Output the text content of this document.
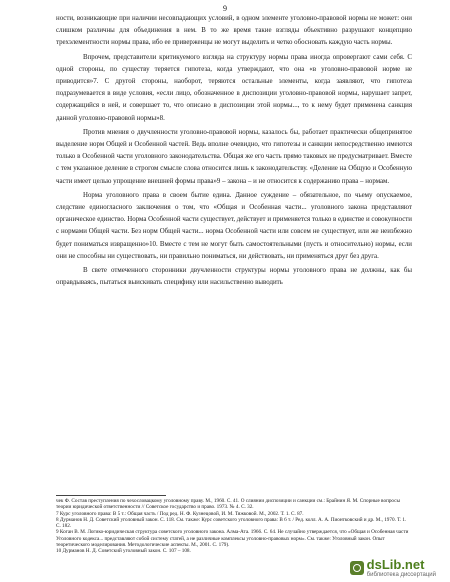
9

ности, возникающие при наличии несовпадающих условий, в одном элементе уголовно-правовой нормы не может: они слишком различны для объединения в нем. В то же время такие взгляды объективно разрушают концепцию трехэлементности нормы права, ибо ее приверженцы не могут выделить и четко обосновать каждую часть нормы.

Впрочем, представители критикуемого взгляда на структуру нормы права иногда опровергают сами себя. С одной стороны, по существу теряется гипотеза, когда утверждают, что она «в уголовно-правовой норме не приводится»7. С другой стороны, наоборот, теряются остальные элементы, когда заявляют, что гипотеза подразумевается в виде условия, «если лицо, обозначенное в диспозиции уголовно-правовой нормы, нарушает запрет, содержащийся в ней, и совершает то, что описано в диспозиции этой нормы..., то к нему будет применена санкция данной уголовно-правовой нормы»8.

Против мнения о двучленности уголовно-правовой нормы, казалось бы, работает практически общепринятое выделение норм Общей и Особенной частей. Ведь вполне очевидно, что гипотезы и санкции непосредственно имеются только в Особенной части уголовного законодательства. Общая же его часть прямо таковых не предусматривает. Вместе с тем указанное деление в строгом смысле слова относится лишь к законодательству. «Деление на Общую и Особенную части имеет целью упрощение внешней формы права»9 – закона – и не относится к содержанию права – нормам.

Норма уголовного права в своем бытие едина. Данное суждение – обязательное, по чьему опускаемое, следствие единогласного заключения о том, что «Общая и Особенная части... уголовного закона представляют органическое единство. Норма Особенной части существует, действует и применяется только в единстве и совокупности с нормами Общей части. Без норм Общей части... норма Особенной части или совсем не существует, или же неизбежно будет пониматься извращенно»10. Вместе с тем не могут быть самостоятельными (пусть и относительно) нормы, если они не способны ни существовать, ни правильно пониматься, ни действовать, ни применяться друг без друга.

В свете отмеченного сторонники двучленности структуры нормы уголовного права не должны, как бы оправдываясь, пытаться выискивать специфику или насильственно выводить

чек Ф. Состав преступления по чехословацкому уголовному праву. М., 1960. С. 41. О слиянии диспозиции и санкции см.: Брайнин Я. М. Спорные вопросы теории юридической ответственности // Советское государство и право. 1973. № 4. С. 32.
7 Курс уголовного права: В 5 т.: Общая часть / Под ред. Н. Ф. Кузнецовой, И. М. Тяжковой. М., 2002. Т. 1. С. 87.
8 Дурманов Н. Д. Советский уголовный закон. С. 118. См. также: Курс советского уголовного права: В 6 т. / Ред. колл. А. А. Пионтковский и др. М., 1970. Т. 1. С. 182.
9 Коган В. М. Логико-юридическая структура советского уголовного закона. Алма-Ата. 1966. С. 64. Не случайно утверждается, что «Общая и Особенная части Уголовного кодекса... представляют собой систему статей, а не различные комплексы уголовно-правовых норм». См. также: Уголовный закон. Опыт теоретического моделирования. Методологические аспекты. М., 2001. С. 179).
10 Дурманов Н. Д. Советский уголовный закон. С. 107 – 108.
dsLib.net
библиотека диссертаций
